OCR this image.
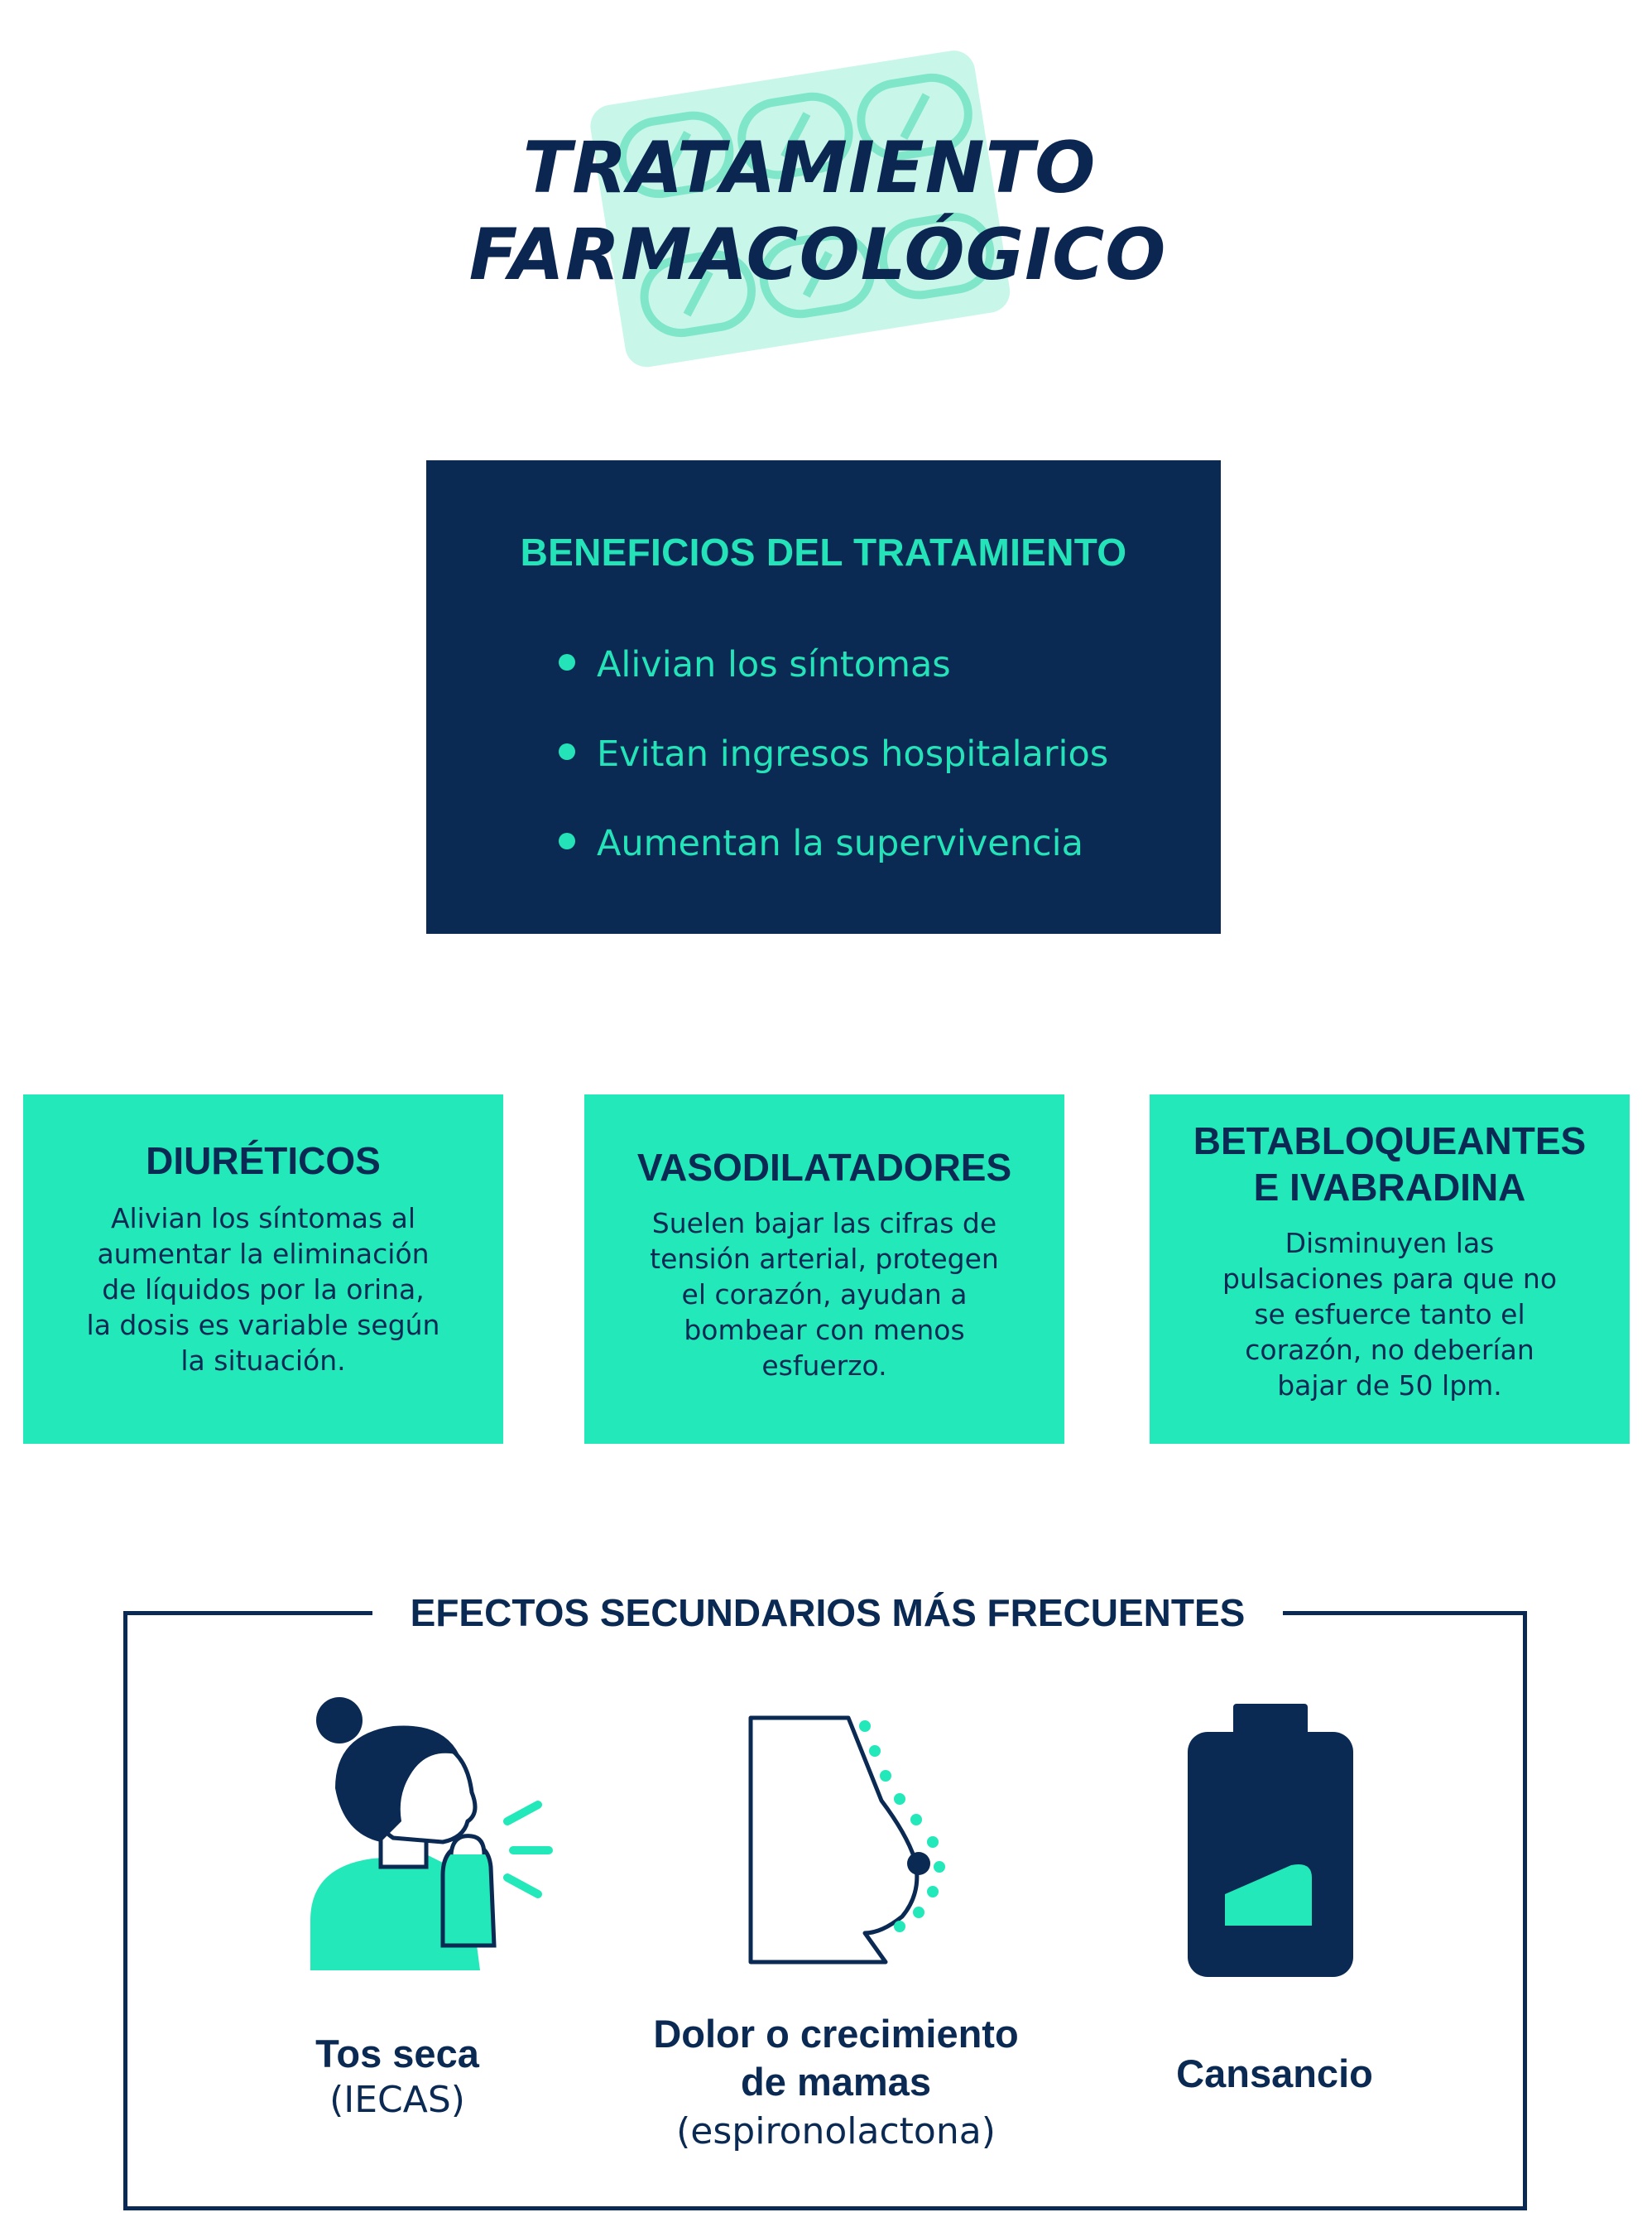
TRATAMIENTO
FARMACOLÓGICO
BENEFICIOS DEL TRATAMIENTO
Alivian los síntomas
Evitan ingresos hospitalarios
Aumentan la supervivencia
DIURÉTICOS
Alivian los síntomas al
aumentar la eliminación
de líquidos por la orina,
la dosis es variable según
la situación.
VASODILATADORES
Suelen bajar las cifras de
tensión arterial, protegen
el corazón, ayudan a
bombear con menos
esfuerzo.
BETABLOQUEANTES
E IVABRADINA
Disminuyen las
pulsaciones para que no
se esfuerce tanto el
corazón, no deberían
bajar de 50 lpm.
EFECTOS SECUNDARIOS MÁS FRECUENTES
Tos seca
(IECAS)
Dolor o crecimiento
de mamas
(espironolactona)
Cansancio
